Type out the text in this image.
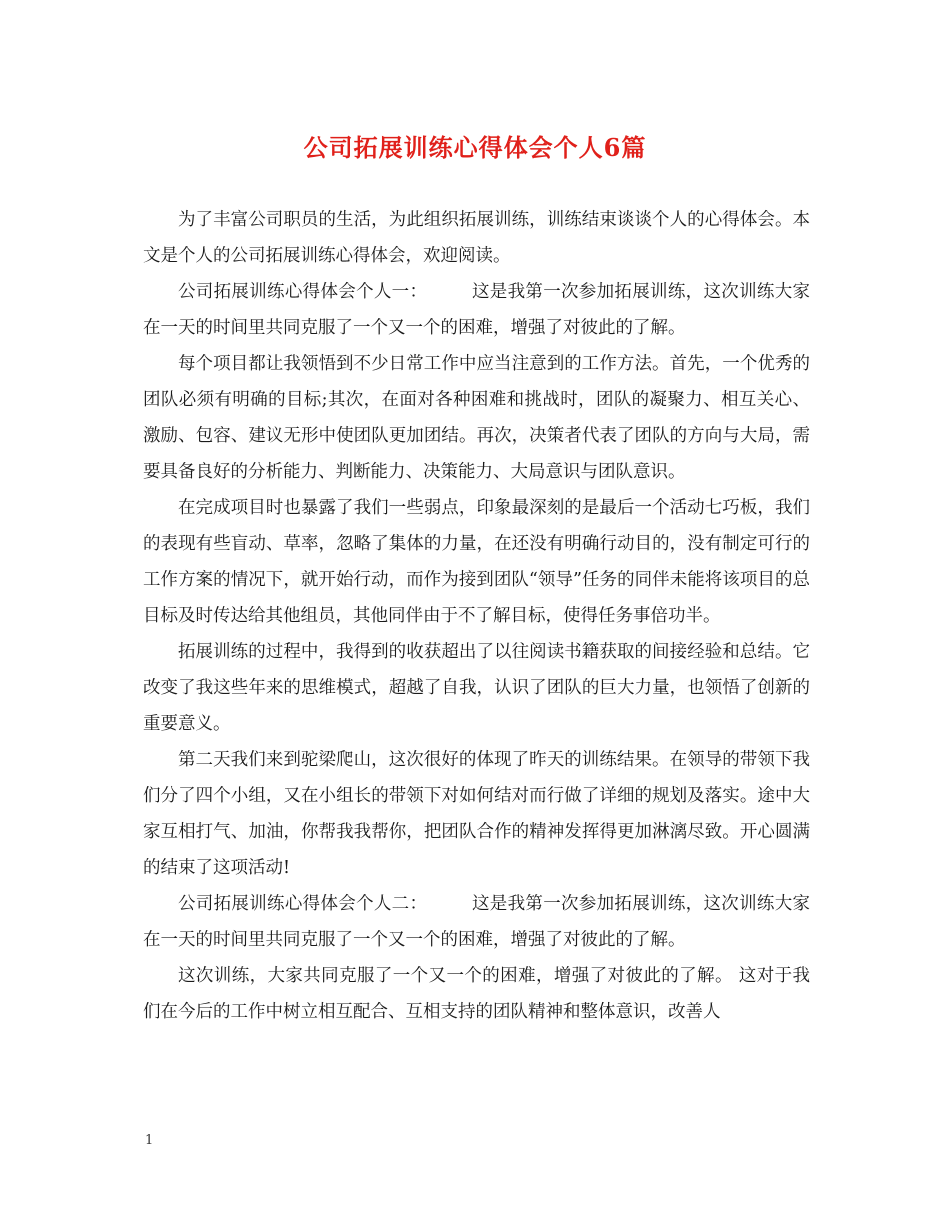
公司拓展训练心得体会个人6篇

为了丰富公司职员的生活，为此组织拓展训练，训练结束谈谈个人的心得体会。本文是个人的公司拓展训练心得体会，欢迎阅读。

公司拓展训练心得体会个人一：　　　这是我第一次参加拓展训练，这次训练大家在一天的时间里共同克服了一个又一个的困难，增强了对彼此的了解。

每个项目都让我领悟到不少日常工作中应当注意到的工作方法。首先，一个优秀的团队必须有明确的目标;其次，在面对各种困难和挑战时，团队的凝聚力、相互关心、激励、包容、建议无形中使团队更加团结。再次，决策者代表了团队的方向与大局，需要具备良好的分析能力、判断能力、决策能力、大局意识与团队意识。

在完成项目时也暴露了我们一些弱点，印象最深刻的是最后一个活动七巧板，我们的表现有些盲动、草率，忽略了集体的力量，在还没有明确行动目的，没有制定可行的工作方案的情况下，就开始行动，而作为接到团队“领导”任务的同伴未能将该项目的总目标及时传达给其他组员，其他同伴由于不了解目标，使得任务事倍功半。

拓展训练的过程中，我得到的收获超出了以往阅读书籍获取的间接经验和总结。它改变了我这些年来的思维模式，超越了自我，认识了团队的巨大力量，也领悟了创新的重要意义。

第二天我们来到驼梁爬山，这次很好的体现了昨天的训练结果。在领导的带领下我们分了四个小组，又在小组长的带领下对如何结对而行做了详细的规划及落实。途中大家互相打气、加油，你帮我我帮你，把团队合作的精神发挥得更加淋漓尽致。开心圆满的结束了这项活动!

公司拓展训练心得体会个人二：　　　这是我第一次参加拓展训练，这次训练大家在一天的时间里共同克服了一个又一个的困难，增强了对彼此的了解。

这次训练，大家共同克服了一个又一个的困难，增强了对彼此的了解。 这对于我们在今后的工作中树立相互配合、互相支持的团队精神和整体意识，改善人

1
